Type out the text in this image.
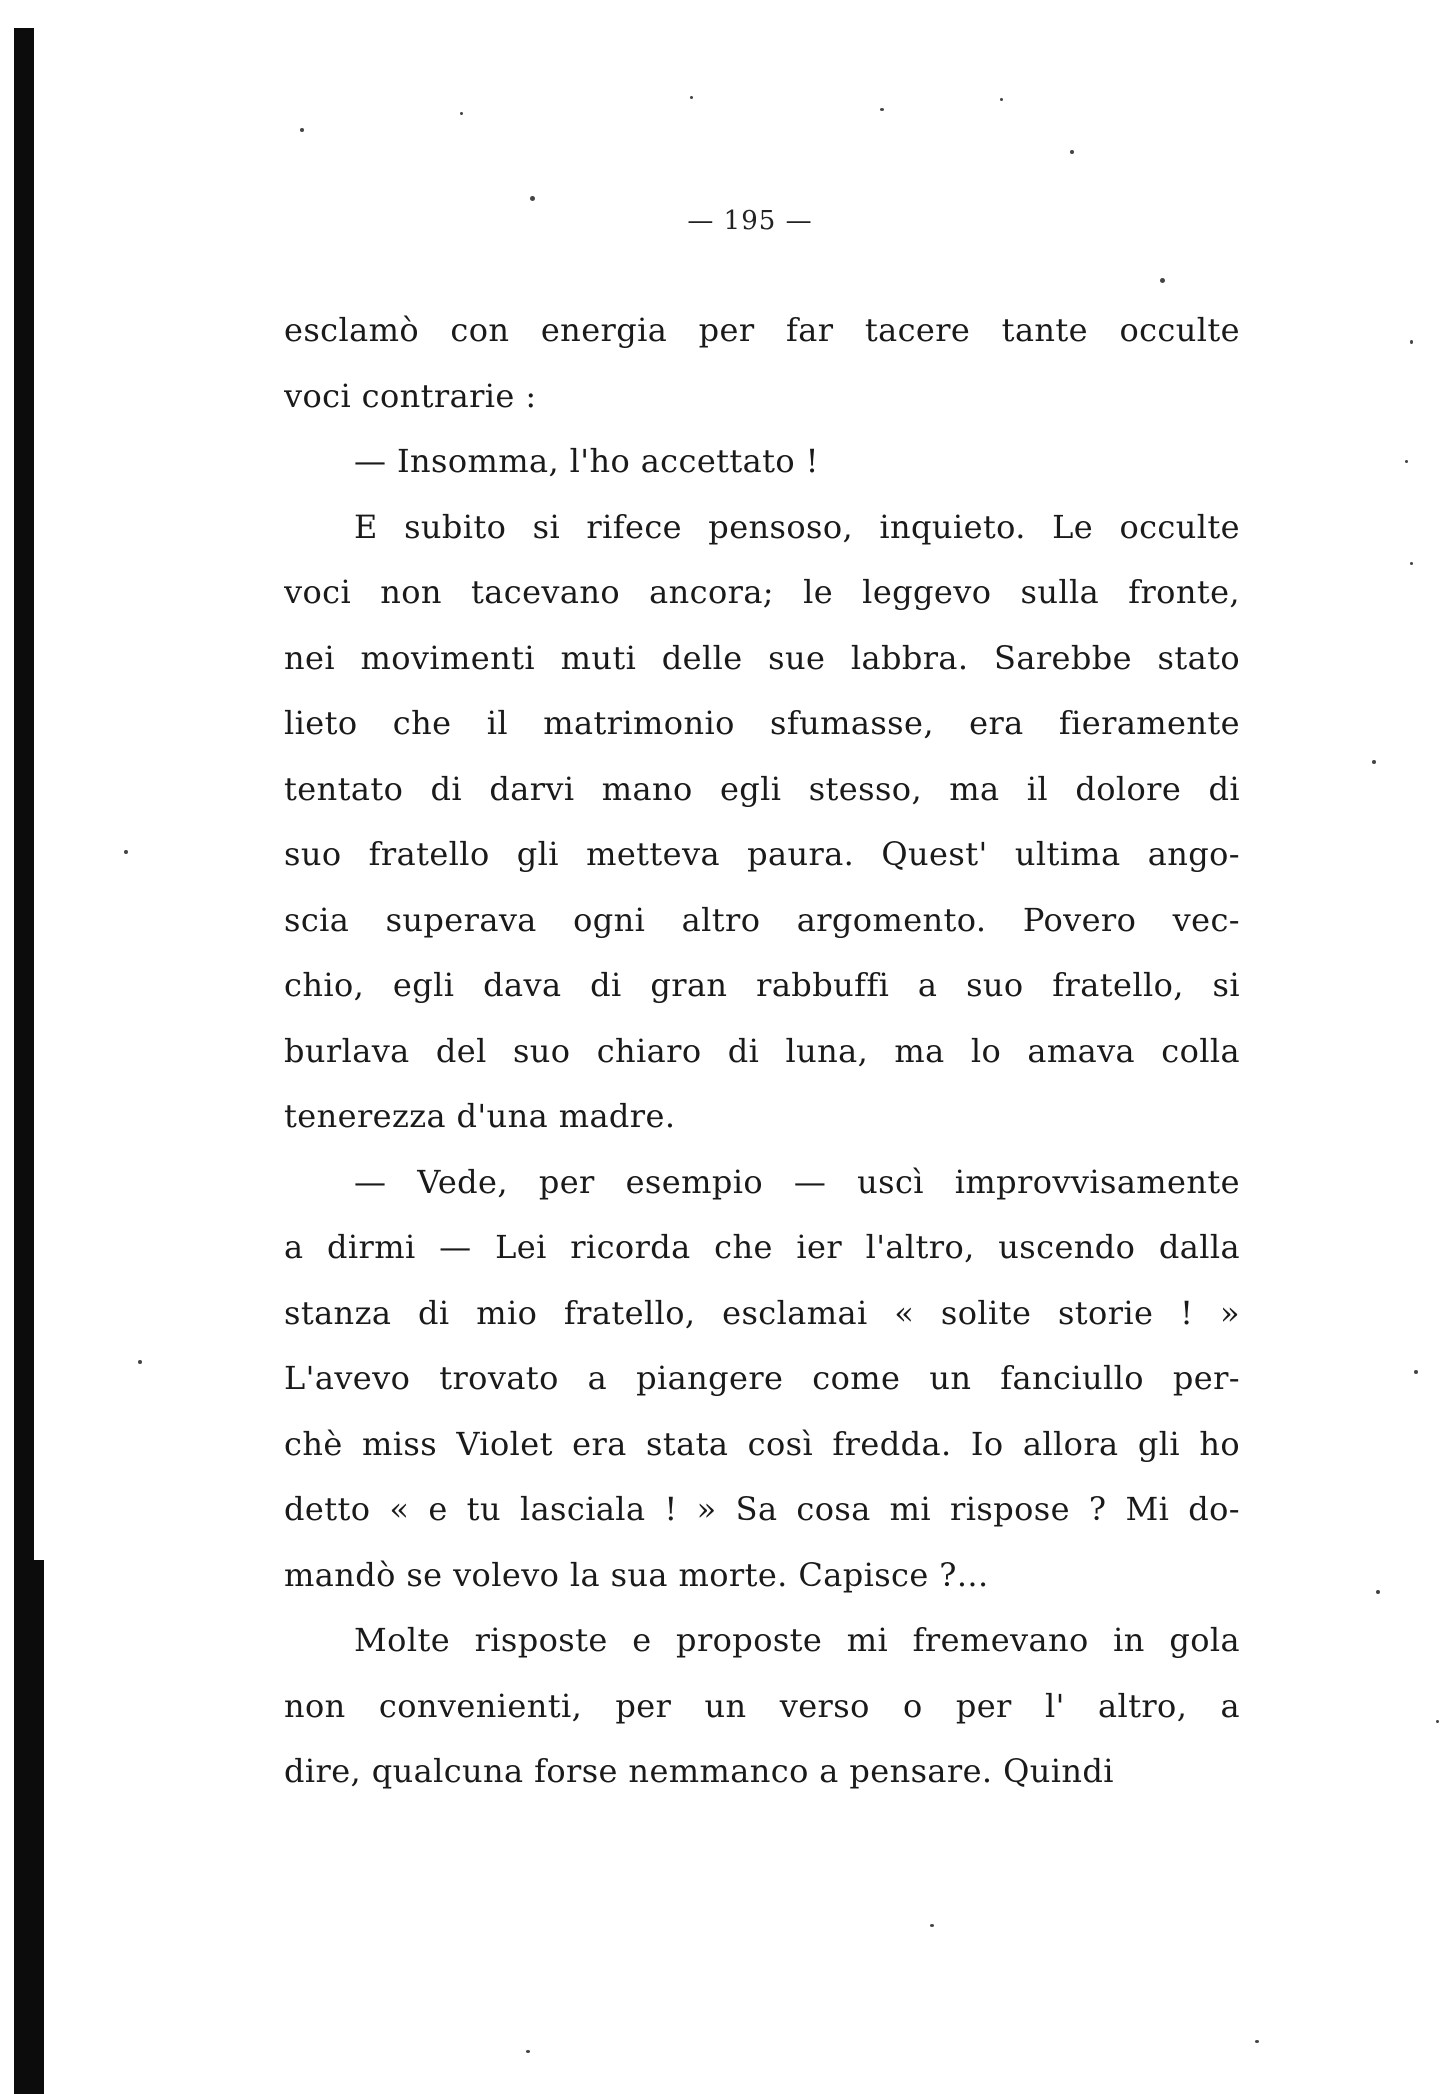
— 195 —
esclamò con energia per far tacere tante occulte
voci contrarie :
— Insomma, l'ho accettato !
E subito si rifece pensoso, inquieto. Le occulte
voci non tacevano ancora; le leggevo sulla fronte,
nei movimenti muti delle sue labbra. Sarebbe stato
lieto che il matrimonio sfumasse, era fieramente
tentato di darvi mano egli stesso, ma il dolore di
suo fratello gli metteva paura. Quest' ultima ango-
scia superava ogni altro argomento. Povero vec-
chio, egli dava di gran rabbuffi a suo fratello, si
burlava del suo chiaro di luna, ma lo amava colla
tenerezza d'una madre.
— Vede, per esempio — uscì improvvisamente
a dirmi — Lei ricorda che ier l'altro, uscendo dalla
stanza di mio fratello, esclamai « solite storie ! »
L'avevo trovato a piangere come un fanciullo per-
chè miss Violet era stata così fredda. Io allora gli ho
detto « e tu lasciala ! » Sa cosa mi rispose ? Mi do-
mandò se volevo la sua morte. Capisce ?...
Molte risposte e proposte mi fremevano in gola
non convenienti, per un verso o per l' altro, a
dire, qualcuna forse nemmanco a pensare. Quindi
